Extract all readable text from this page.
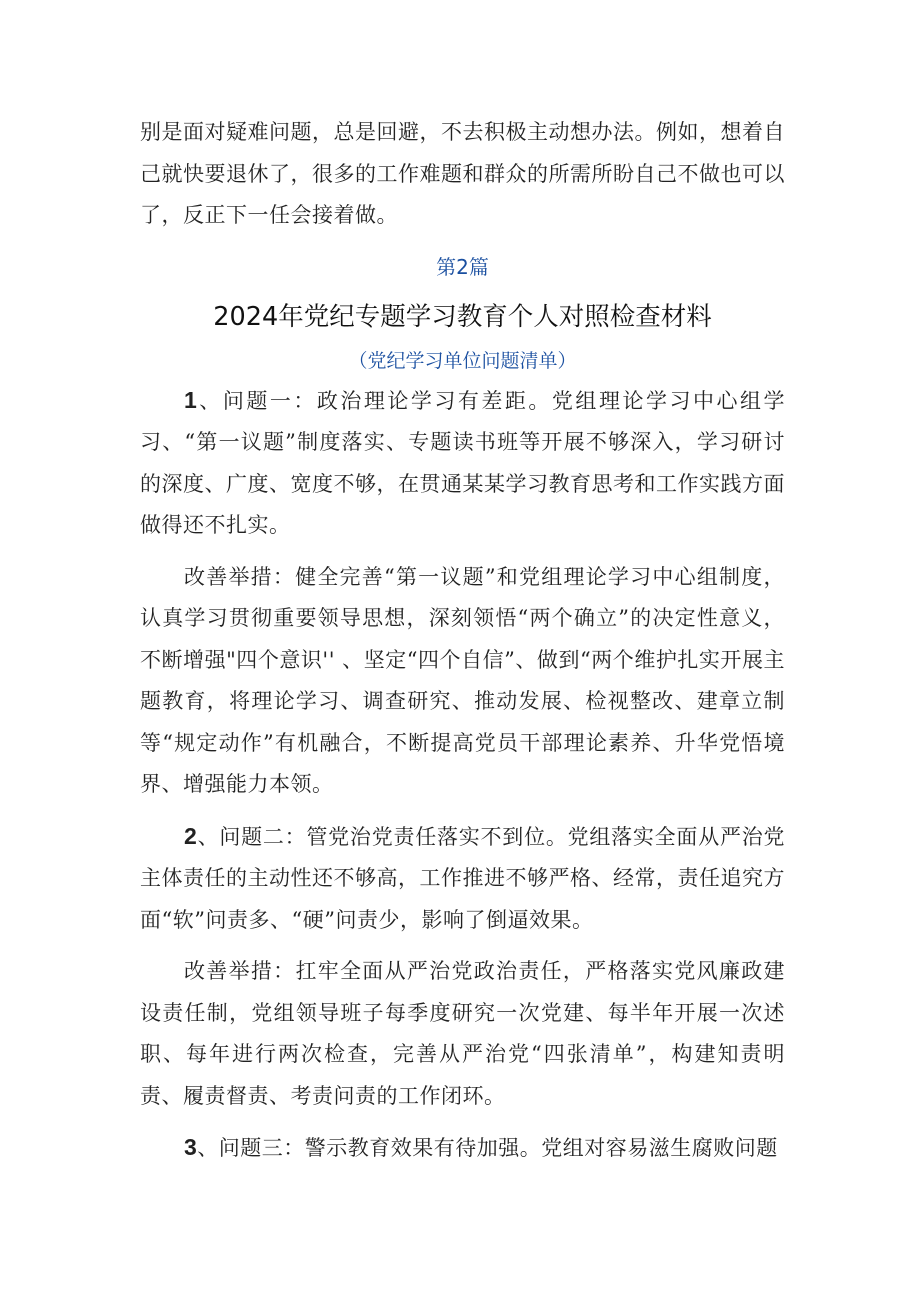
别是面对疑难问题，总是回避，不去积极主动想办法。例如，想着自己就快要退休了，很多的工作难题和群众的所需所盼自己不做也可以了，反正下一任会接着做。

第2篇
2024年党纪专题学习教育个人对照检查材料
（党纪学习单位问题清单）

1、问题一：政治理论学习有差距。党组理论学习中心组学习、“第一议题”制度落实、专题读书班等开展不够深入，学习研讨的深度、广度、宽度不够，在贯通某某学习教育思考和工作实践方面做得还不扎实。

改善举措：健全完善“第一议题”和党组理论学习中心组制度，认真学习贯彻重要领导思想，深刻领悟“两个确立”的决定性意义，不断增强"四个意识'' 、坚定“四个自信”、做到“两个维护扎实开展主题教育，将理论学习、调查研究、推动发展、检视整改、建章立制等“规定动作”有机融合，不断提高党员干部理论素养、升华党悟境界、增强能力本领。

2、问题二：管党治党责任落实不到位。党组落实全面从严治党主体责任的主动性还不够高，工作推进不够严格、经常，责任追究方面“软”问责多、“硬”问责少，影响了倒逼效果。

改善举措：扛牢全面从严治党政治责任，严格落实党风廉政建设责任制，党组领导班子每季度研究一次党建、每半年开展一次述职、每年进行两次检查，完善从严治党“四张清单”，构建知责明责、履责督责、考责问责的工作闭环。

3、问题三：警示教育效果有待加强。党组对容易滋生腐败问题
